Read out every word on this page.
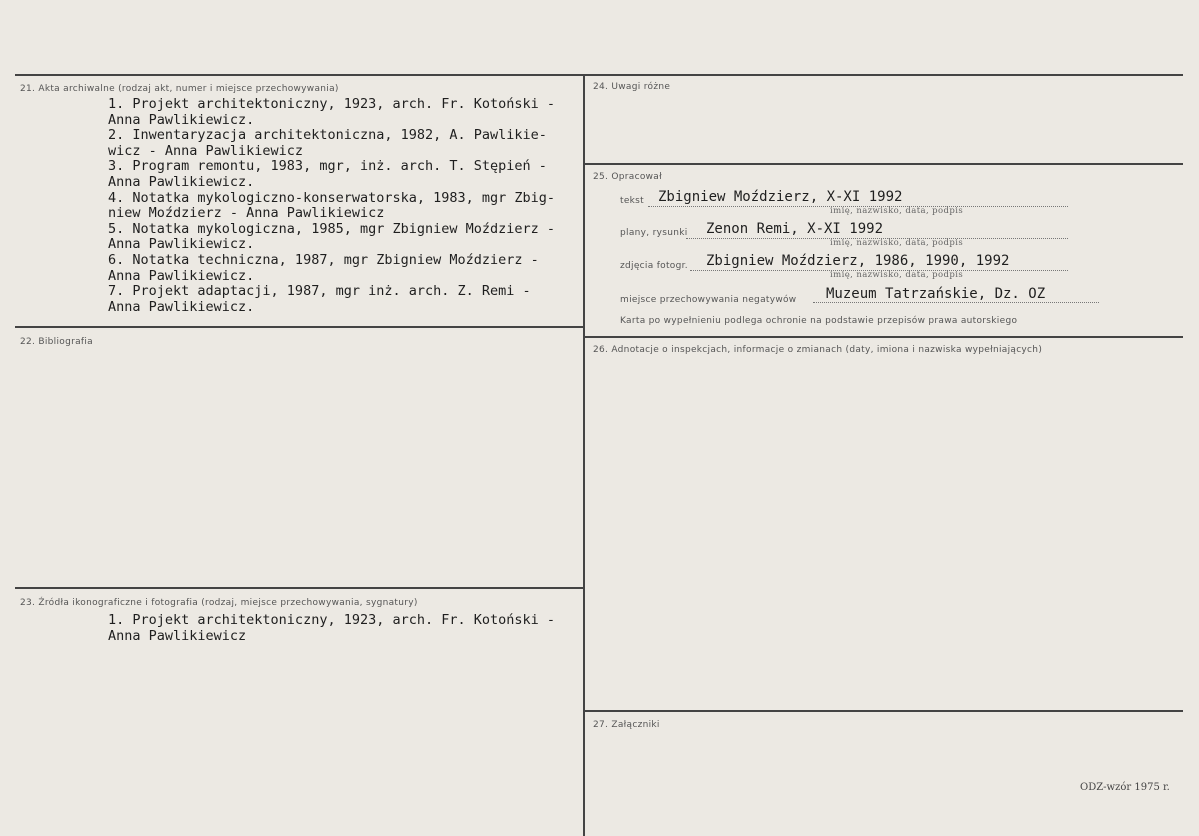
21. Akta archiwalne (rodzaj akt, numer i miejsce przechowywania)
1. Projekt architektoniczny, 1923, arch. Fr. Kotoński -
Anna Pawlikiewicz.
2. Inwentaryzacja architektoniczna, 1982, A. Pawlikie-
wicz - Anna Pawlikiewicz
3. Program remontu, 1983, mgr, inż. arch. T. Stępień -
Anna Pawlikiewicz.
4. Notatka mykologiczno-konserwatorska, 1983, mgr Zbig-
niew Moździerz - Anna Pawlikiewicz
5. Notatka mykologiczna, 1985, mgr Zbigniew Moździerz -
Anna Pawlikiewicz.
6. Notatka techniczna, 1987, mgr Zbigniew Moździerz -
Anna Pawlikiewicz.
7. Projekt adaptacji, 1987, mgr inż. arch. Z. Remi -
Anna Pawlikiewicz.
22. Bibliografia
23. Źródła ikonograficzne i fotografia (rodzaj, miejsce przechowywania, sygnatury)
1. Projekt architektoniczny, 1923, arch. Fr. Kotoński -
Anna Pawlikiewicz
24. Uwagi różne
25. Opracował
tekst Zbigniew Moździerz, X-XI 1992
imię, nazwisko, data, podpis
plany, rysunki Zenon Remi, X-XI 1992
imię, nazwisko, data, podpis
zdjęcia fotogr. Zbigniew Moździerz, 1986, 1990, 1992
imię, nazwisko, data, podpis
miejsce przechowywania negatywów Muzeum Tatrzańskie, Dz. OZ
Karta po wypełnieniu podlega ochronie na podstawie przepisów prawa autorskiego
26. Adnotacje o inspekcjach, informacje o zmianach (daty, imiona i nazwiska wypełniających)
27. Załączniki
ODZ-wzór 1975 r.
